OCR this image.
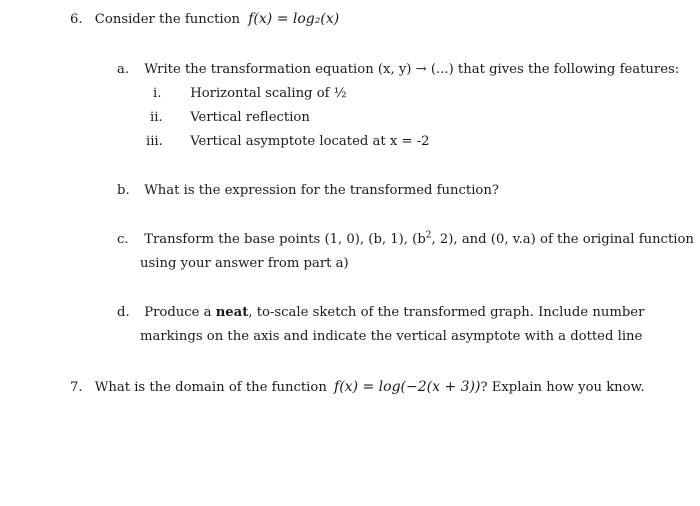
6. Consider the function f(x) = log₂(x)
a. Write the transformation equation (x, y) → (...) that gives the following features:
i. Horizontal scaling of ½
ii. Vertical reflection
iii. Vertical asymptote located at x = -2
b. What is the expression for the transformed function?
c. Transform the base points (1, 0), (b, 1), ($b^2$, 2), and (0, v.a) of the original function
using your answer from part a)
d. Produce a neat, to-scale sketch of the transformed graph. Include number
markings on the axis and indicate the vertical asymptote with a dotted line
7. What is the domain of the function f(x) = log(−2(x + 3))? Explain how you know.
